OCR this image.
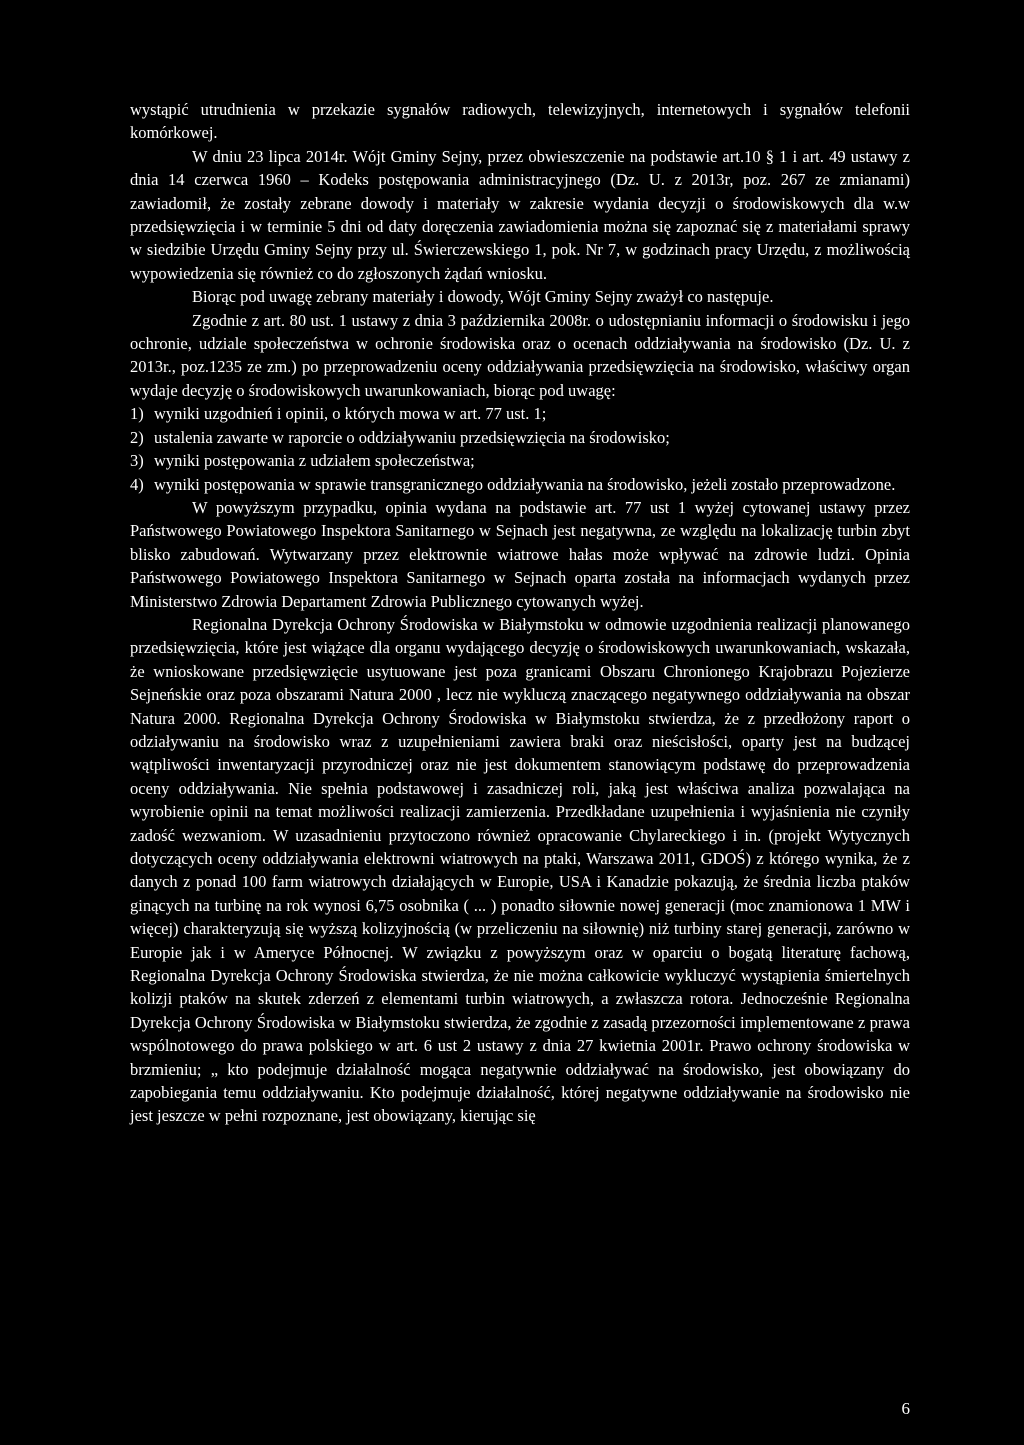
wystąpić utrudnienia w przekazie sygnałów radiowych, telewizyjnych, internetowych i sygnałów telefonii komórkowej.

W dniu 23 lipca 2014r. Wójt Gminy Sejny, przez obwieszczenie na podstawie art.10 § 1 i art. 49 ustawy z dnia 14 czerwca 1960 – Kodeks postępowania administracyjnego (Dz. U. z 2013r, poz. 267 ze zmianami) zawiadomił, że zostały zebrane dowody i materiały w zakresie wydania decyzji o środowiskowych dla w.w przedsięwzięcia i w terminie 5 dni od daty doręczenia zawiadomienia można się zapoznać się z materiałami sprawy w siedzibie Urzędu Gminy Sejny przy ul. Świerczewskiego 1, pok. Nr 7, w godzinach pracy Urzędu, z możliwością wypowiedzenia się również co do zgłoszonych żądań wniosku.

Biorąc pod uwagę zebrany materiały i dowody, Wójt Gminy Sejny zważył co następuje.

Zgodnie z art. 80 ust. 1 ustawy z dnia 3 października 2008r. o udostępnianiu informacji o środowisku i jego ochronie, udziale społeczeństwa w ochronie środowiska oraz o ocenach oddziaływania na środowisko (Dz. U. z 2013r., poz.1235 ze zm.) po przeprowadzeniu oceny oddziaływania przedsięwzięcia na środowisko, właściwy organ wydaje decyzję o środowiskowych uwarunkowaniach, biorąc pod uwagę:

1) wyniki uzgodnień i opinii, o których mowa w art. 77 ust. 1;
2) ustalenia zawarte w raporcie o oddziaływaniu przedsięwzięcia na środowisko;
3) wyniki postępowania z udziałem społeczeństwa;
4) wyniki postępowania w sprawie transgranicznego oddziaływania na środowisko, jeżeli zostało przeprowadzone.

W powyższym przypadku, opinia wydana na podstawie art. 77 ust 1 wyżej cytowanej ustawy przez Państwowego Powiatowego Inspektora Sanitarnego w Sejnach jest negatywna, ze względu na lokalizację turbin zbyt blisko zabudowań. Wytwarzany przez elektrownie wiatrowe hałas może wpływać na zdrowie ludzi. Opinia Państwowego Powiatowego Inspektora Sanitarnego w Sejnach oparta została na informacjach wydanych przez Ministerstwo Zdrowia Departament Zdrowia Publicznego cytowanych wyżej.

Regionalna Dyrekcja Ochrony Środowiska w Białymstoku w odmowie uzgodnienia realizacji planowanego przedsięwzięcia, które jest wiążące dla organu wydającego decyzję o środowiskowych uwarunkowaniach, wskazała, że wnioskowane przedsięwzięcie usytuowane jest poza granicami Obszaru Chronionego Krajobrazu Pojezierze Sejneńskie oraz poza obszarami Natura 2000 , lecz nie wykluczą znaczącego negatywnego oddziaływania na obszar Natura 2000. Regionalna Dyrekcja Ochrony Środowiska w Białymstoku stwierdza, że z przedłożony raport o odziaływaniu na środowisko wraz z uzupełnieniami zawiera braki oraz nieścisłości, oparty jest na budzącej wątpliwości inwentaryzacji przyrodniczej oraz nie jest dokumentem stanowiącym podstawę do przeprowadzenia oceny oddziaływania. Nie spełnia podstawowej i zasadniczej roli, jaką jest właściwa analiza pozwalająca na wyrobienie opinii na temat możliwości realizacji zamierzenia. Przedkładane uzupełnienia i wyjaśnienia nie czyniły zadość wezwaniom. W uzasadnieniu przytoczono również opracowanie Chylareckiego i in. (projekt Wytycznych dotyczących oceny oddziaływania elektrowni wiatrowych na ptaki, Warszawa 2011, GDOŚ) z którego wynika, że z danych z ponad 100 farm wiatrowych działających w Europie, USA i Kanadzie pokazują, że średnia liczba ptaków ginących na turbinę na rok wynosi 6,75 osobnika ( ... ) ponadto siłownie nowej generacji (moc znamionowa 1 MW i więcej) charakteryzują się wyższą kolizyjnością (w przeliczeniu na siłownię) niż turbiny starej generacji, zarówno w Europie jak i w Ameryce Północnej. W związku z powyższym oraz w oparciu o bogatą literaturę fachową, Regionalna Dyrekcja Ochrony Środowiska stwierdza, że nie można całkowicie wykluczyć wystąpienia śmiertelnych kolizji ptaków na skutek zderzeń z elementami turbin wiatrowych, a zwłaszcza rotora. Jednocześnie Regionalna Dyrekcja Ochrony Środowiska w Białymstoku stwierdza, że zgodnie z zasadą przezorności implementowane z prawa wspólnotowego do prawa polskiego w art. 6 ust 2 ustawy z dnia 27 kwietnia 2001r. Prawo ochrony środowiska w brzmieniu; „ kto podejmuje działalność mogąca negatywnie oddziaływać na środowisko, jest obowiązany do zapobiegania temu oddziaływaniu. Kto podejmuje działalność, której negatywne oddziaływanie na środowisko nie jest jeszcze w pełni rozpoznane, jest obowiązany, kierując się

6
